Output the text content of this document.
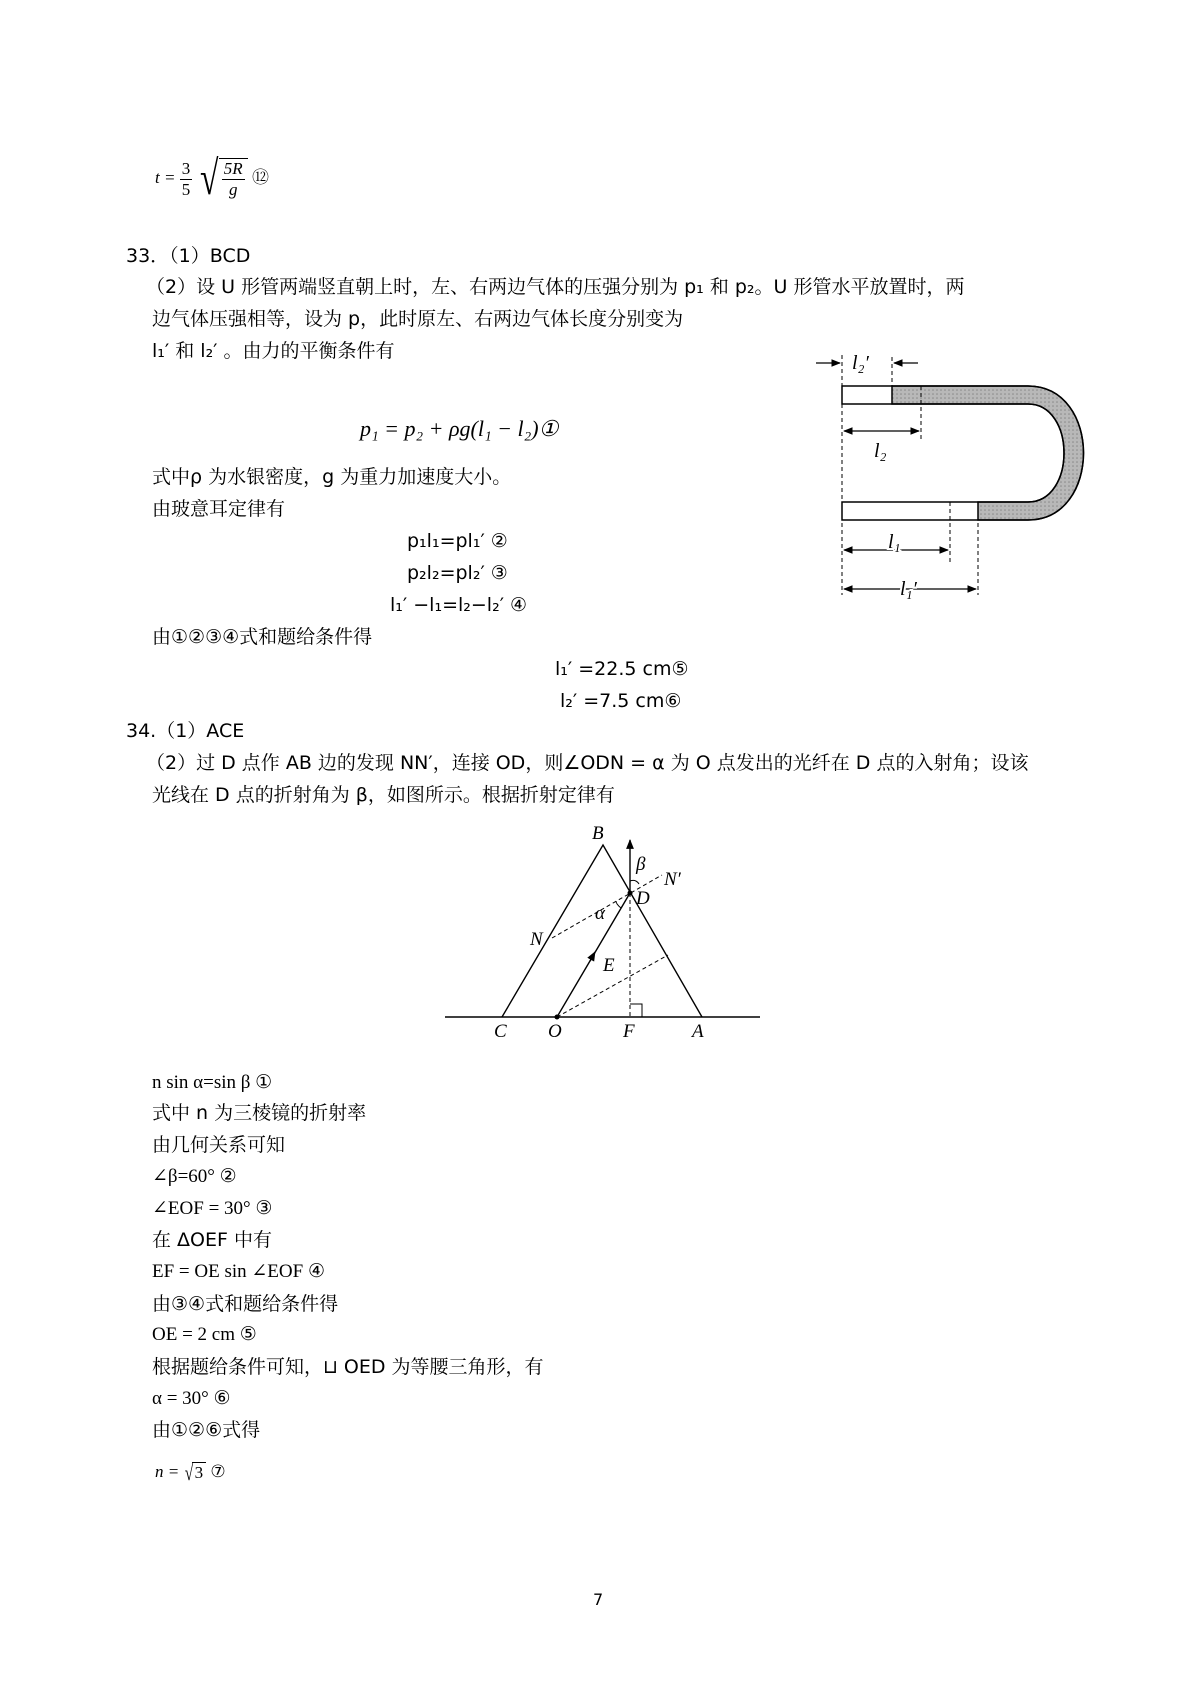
$t = \frac{3}{5}$
√ $\frac{5R}{g}$ ⑫
33．（1）BCD
（2）设 U 形管两端竖直朝上时，左、右两边气体的压强分别为 p₁ 和 p₂。U 形管水平放置时，两
边气体压强相等，设为 p，此时原左、右两边气体长度分别变为
l₁′ 和 l₂′ 。由力的平衡条件有
p₁ = p₂ + ρg(l₁ − l₂)①
式中ρ 为水银密度，g 为重力加速度大小。
由玻意耳定律有
p₁l₁=pl₁′ ②
p₂l₂=pl₂′ ③
l₁′ −l₁=l₂−l₂′ ④
由①②③④式和题给条件得
l₁′ =22.5 cm⑤
l₂′ =7.5 cm⑥
l₂′
l₂
l₁
l₁′
34.（1）ACE
（2）过 D 点作 AB 边的发现 NN′，连接 OD，则∠ODN = α 为 O 点发出的光纤在 D 点的入射角；设该
光线在 D 点的折射角为 β，如图所示。根据折射定律有
B
β
N′
D
α
N
E
C O	F	A
n sin α=sin β ①
式中 n 为三棱镜的折射率
由几何关系可知
∠β=60° ②
∠EOF = 30° ③
在 ΔOEF 中有
EF = OE sin ∠EOF ④
由③④式和题给条件得
OE = 2 cm ⑤
根据题给条件可知，⊔ OED 为等腰三角形，有
α = 30° ⑥
由①②⑥式得
n = √ 3 ⑦
7
